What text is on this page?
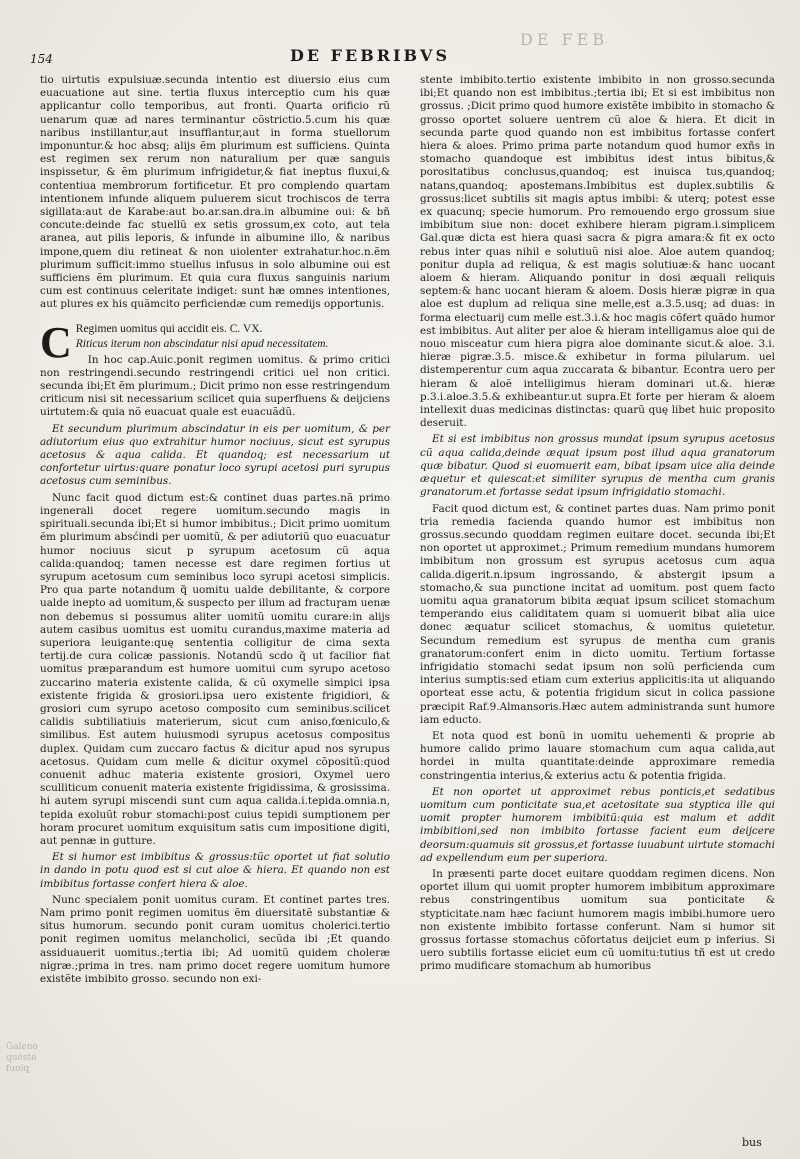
DE FEB
Galeno
queste
fuoiq
154	DE FEBRIBVS

tio uirtutis expulsiuæ.secunda intentio est diuersio eius cum euacuatione aut sine. tertia fluxus interceptio cum his quæ applicantur collo temporibus, aut fronti. Quarta orificio rũ uenarum quæ ad nares terminantur cõstrictio.5.cum his quæ naribus instillantur,aut insufflantur,aut in forma stuellorum imponuntur.& hoc absq; alijs ẽm plurimum est sufficiens. Quinta est regimen sex rerum non naturalium per quæ sanguis inspissetur, & ẽm plurimum infrigidetur,& fiat ineptus fluxui,& contentiua membrorum fortificetur. Et pro complendo quartam intentionem infunde aliquem puluerem sicut trochiscos de terra sigillata:aut de Karabe:aut bo.ar.san.dra.in albumine oui: & bñ concute:deinde fac stuellũ ex setis grossum,ex coto, aut tela aranea, aut pilis leporis, & infunde in albumine illo, & naribus impone,quem diu retineat & non uiolenter extrahatur.hoc.n.ẽm plurimum sufficit:immo stuellus infusus in solo albumine oui est sufficiens ẽm plurimum. Et quia cura fluxus sanguinis narium cum est continuus celeritate indiget: sunt hæ omnes intentiones, aut plures ex his quãmcito perficiendæ cum remedijs opportunis.

C Regimen uomitus qui accidit eis. C. VX.
Riticus iterum non abscindatur nisi apud necessitatem.

In hoc cap.Auic.ponit regimen uomitus. & primo critici non restringendi.secundo restringendi critici uel non critici. secunda ibi;Et ẽm plurimum.; Dicit primo non esse restringendum criticum nisi sit necessarium scilicet quia superfluens & deijciens uirtutem:& quia nõ euacuat quale est euacuãdũ.

Et secundum plurimum abscindatur in eis per uomitum, & per adiutorium eius quo extrahitur humor nociuus, sicut est syrupus acetosus & aqua calida. Et quandoq; est necessarium ut confortetur uirtus:quare ponatur loco syrupi acetosi puri syrupus acetosus cum seminibus.

Nunc facit quod dictum est:& continet duas partes.nã primo ingenerali docet regere uomitum.secundo magis in spirituali.secunda ibi;Et si humor imbibitus.; Dicit primo uomitum ẽm plurimum absćindi per uomitũ, & per adiutoriũ quo euacuatur humor nociuus sicut p syrupum acetosum cũ aqua calida:quandoq; tamen necesse est dare regimen fortius ut syrupum acetosum cum seminibus loco syrupi acetosi simplicis. Pro qua parte notandum q̃ uomitu ualde debilitante, & corpore ualde inepto ad uomitum,& suspecto per illum ad fractuɼam uenæ non debemus si possumus aliter uomitũ uomitu curare:in alijs autem casibus uomitus est uomitu curandus,maxime materia ad superiora leuigante:quę sententia colligitur de cima sexta tertij.de cura colicæ passionis. Notandũ scdo q̃ ut facilior fiat uomitus præparandum est humore uomitui cum syrupo acetoso zuccarino materia existente calida, & cũ oxymelle simpici ipsa existente frigida & grosiori.ipsa uero existente frigidiori, & grosiori cum syrupo acetoso composito cum seminibus.scilicet calidis subtiliatiuis materierum, sicut cum aniso,fœniculo,& similibus. Est autem huiusmodi syrupus acetosus compositus duplex. Quidam cum zuccaro factus & dicitur apud nos syrupus acetosus. Quidam cum melle & dicitur oxymel cõpositũ:quod conuenit adhuc materia existente grosiori, Oxymel uero sculliticum conuenit materia existente frigidissima, & grosissima. hi autem syrupi miscendi sunt cum aqua calida.i.tepida.omnia.n, tepida exoluũt robur stomachi:post cuius tepidi sumptionem per horam procuret uomitum exquisitum satis cum impositione digiti, aut pennæ in gutture.

Et si humor est imbibitus & grossus:tũc oportet ut fiat solutio in dando in potu quod est si cut aloe & hiera. Et quando non est imbibitus fortasse confert hiera & aloe.

Nunc specialem ponit uomitus curam. Et continet partes tres. Nam primo ponit regimen uomitus ẽm diuersitatẽ substantiæ & situs humorum. secundo ponit curam uomitus cholerici.tertio ponit regimen uomitus melancholici, secũda ibi ;Et quando assiduauerit uomitus.;tertia ibi; Ad uomitũ quidem choleræ nigræ.;prima in tres. nam primo docet regere uomitum humore existẽte imbibito grosso. secundo non exi-

stente imbibito.tertio existente imbibito in non grosso.secunda ibi;Et quando non est imbibitus.;tertia ibi; Et si est imbibitus non grossus. ;Dicit primo quod humore existẽte imbibito in stomacho & grosso oportet soluere uentrem cũ aloe & hiera. Et dicit in secunda parte quod quando non est imbibitus fortasse confert hiera & aloes. Primo prima parte notandum quod humor exñs in stomacho quandoque est imbibitus idest intus bibitus,& porositatibus conclusus,quandoq; est inuisca tus,quandoq; natans,quandoq; apostemans.Imbibitus est duplex.subtilis & grossus:licet subtilis sit magis aptus imbibi: & uterq; potest esse ex quacunq; specie humorum. Pro remouendo ergo grossum siue imbibitum siue non: docet exhibere hieram pigram.i.simplicem Gal.quæ dicta est hiera quasi sacra & pigra amara:& fit ex octo rebus inter quas nihil e solutiuũ nisi aloe. Aloe autem quandoq; ponitur dupla ad reliqua, & est magis solutiuæ:& hanc uocant aloem & hieram. Aliquando ponitur in dosi æquali reliquis septem:& hanc uocant hieram & aloem. Dosis hieræ pigræ in qua aloe est duplum ad reliqua sine melle,est a.3.5.usq; ad duas: in forma electuarij cum melle est.3.i.& hoc magis cõfert quãdo humor est imbibitus. Aut aliter per aloe & hieram intelligamus aloe qui de nouo misceatur cum hiera pigra aloe dominante sicut.& aloe. 3.i. hieræ pigræ.3.5. misce.& exhibetur in forma pilularum. uel distemperentur cum aqua zuccarata & bibantur. Econtra uero per hieram & aloẽ intelligimus hieram dominari ut.&. hieræ p.3.i.aloe.3.5.& exhibeantur.ut supra.Et forte per hieram & aloem intellexit duas medicinas distinctas: quarũ quę libet huic proposito deseruit.

Et si est imbibitus non grossus mundat ipsum syrupus acetosus cũ aqua calida,deinde æquat ipsum post illud aqua granatorum quæ bibatur. Quod si euomuerit eam, bibat ipsam uice alia deinde æquetur et quiescat:et similiter syrupus de mentha cum granis granatorum.et fortasse sedat ipsum infrigidatio stomachi.

Facit quod dictum est, & continet partes duas. Nam primo ponit tria remedia facienda quando humor est imbibitus non grossus.secundo quoddam regimen euitare docet. secunda ibi;Et non oportet ut approximet.; Primum remedium mundans humorem imbibitum non grossum est syrupus acetosus cum aqua calida.digerit.n.ipsum ingrossando, & abstergit ipsum a stomacho,& sua punctione incitat ad uomitum. post quem facto uomitu aqua granatorum bibita æquat ipsum scilicet stomachum temperando eius caliditatem quam si uomuerit bibat alia uice donec æquatur scilicet stomachus, & uomitus quietetur. Secundum remedium est syrupus de mentha cum granis granatorum:confert enim in dicto uomitu. Tertium fortasse infrigidatio stomachi sedat ipsum non solũ perficienda cum interius sumptis:sed etiam cum exterius applicitis:ita ut aliquando oporteat esse actu, & potentia frigidum sicut in colica passione præcipit Raf.9.Almansoris.Hæc autem administranda sunt humore iam educto.

Et nota quod est bonũ in uomitu uehementi & proprie ab humore calido primo lauare stomachum cum aqua calida,aut hordei in multa quantitate:deinde approximare remedia constringentia interius,& exterius actu & potentia frigida.

Et non oportet ut approximet rebus ponticis,et sedatibus uomitum cum ponticitate sua,et acetositate sua styptica ille qui uomit propter humorem imbibitũ:quia est malum et addit imbibitioni,sed non imbibito fortasse facient eum deijcere deorsum:quamuis sit grossus,et fortasse iuuabunt uirtute stomachi ad expellendum eum per superiora.

In præsenti parte docet euitare quoddam regimen dicens. Non oportet illum qui uomit propter humorem imbibitum approximare rebus constringentibus uomitum sua ponticitate & stypticitate.nam hæc faciunt humorem magis imbibi.humore uero non existente imbibito fortasse conferunt. Nam si humor sit grossus fortasse stomachus cõfortatus deijciet eum p inferius. Si uero subtilis fortasse eiiciet eum cũ uomitu:tutius tñ est ut credo primo mudificare stomachum ab humoribus

bus
